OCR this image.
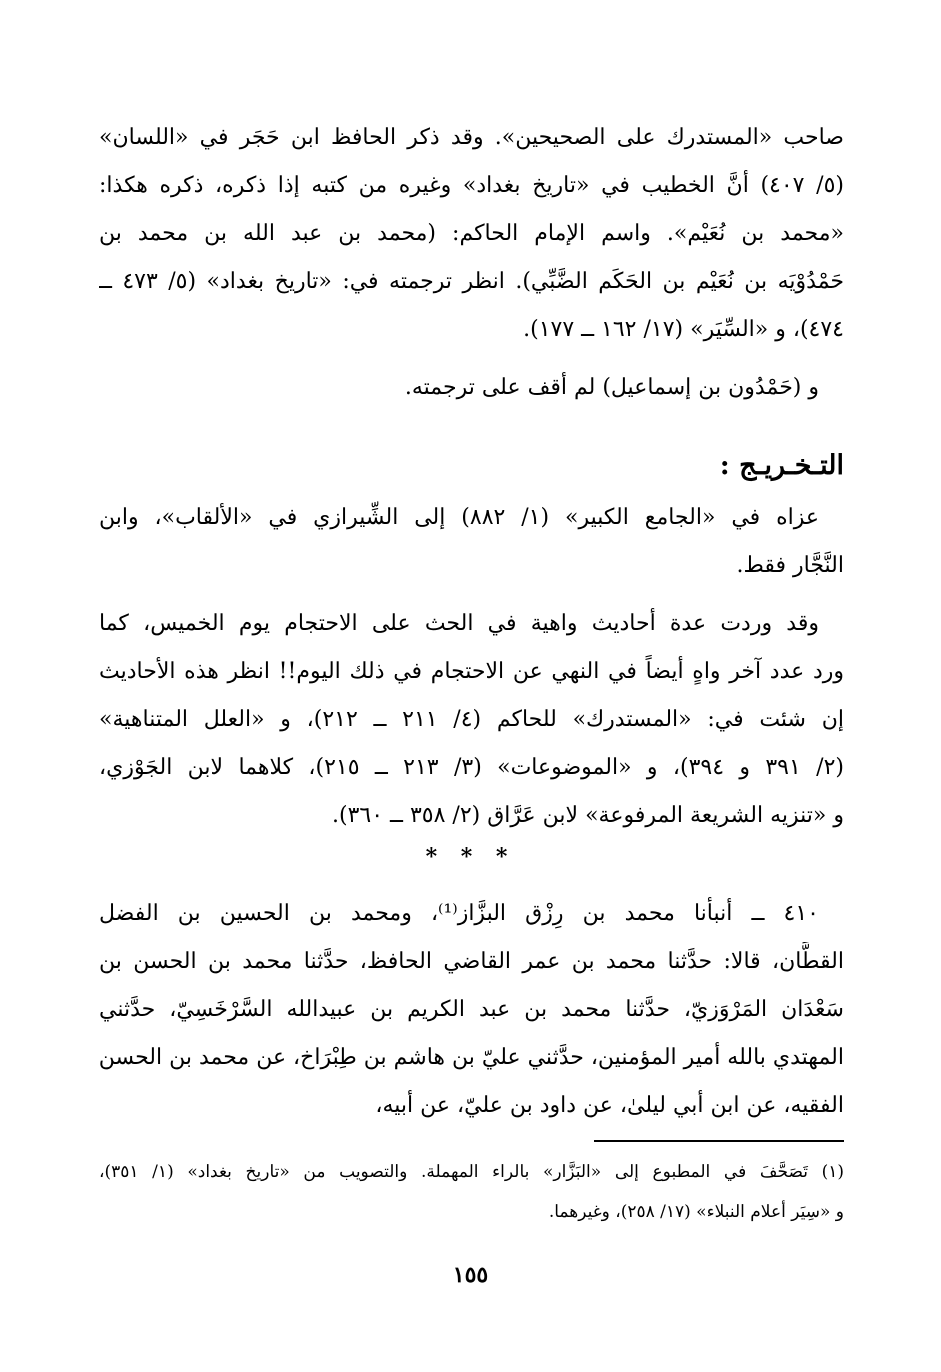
صاحب «المستدرك على الصحيحين». وقد ذكر الحافظ ابن حَجَر في «اللسان»
(٥/ ٤٠٧) أنَّ الخطيب في «تاريخ بغداد» وغيره من كتبه إذا ذكره، ذكره هكذا:
«محمد بن نُعَيْم». واسم الإمام الحاكم: (محمد بن عبد الله بن محمد بن
حَمْدُوْيَه بن نُعَيْم بن الحَكَم الضَّبِّي). انظر ترجمته في: «تاريخ بغداد» (٥/ ٤٧٣ ــ
٤٧٤)، و «السِّيَر» (١٧/ ١٦٢ ــ ١٧٧).
و (حَمْدُون بن إسماعيل) لم أقف على ترجمته.
التـخـريـج :
عزاه في «الجامع الكبير» (١/ ٨٨٢) إلى الشِّيرازي في «الألقاب»، وابن
النَّجَّار فقط.
وقد وردت عدة أحاديث واهية في الحث على الاحتجام يوم الخميس، كما
ورد عدد آخر واهٍ أيضاً في النهي عن الاحتجام في ذلك اليوم!! انظر هذه الأحاديث
إن شئت في: «المستدرك» للحاكم (٤/ ٢١١ ــ ٢١٢)، و «العلل المتناهية»
(٢/ ٣٩١ و ٣٩٤)، و «الموضوعات» (٣/ ٢١٣ ــ ٢١٥)، كلاهما لابن الجَوْزي،
و «تنزيه الشريعة المرفوعة» لابن عَرَّاق (٢/ ٣٥٨ ــ ٣٦٠).
* * *
٤١٠ ــ أنبأنا محمد بن رِزْق البزَّاز⁽¹⁾، ومحمد بن الحسين بن الفضل
القطَّان، قالا: حدَّثنا محمد بن عمر القاضي الحافظ، حدَّثنا محمد بن الحسن بن
سَعْدَان المَرْوَزيّ، حدَّثنا محمد بن عبد الكريم بن عبيدالله السَّرْخَسِيّ، حدَّثني
المهتدي بالله أمير المؤمنين، حدَّثني عليّ بن هاشم بن طِبْرَاخ، عن محمد بن الحسن
الفقيه، عن ابن أبي ليلىٰ، عن داود بن عليّ، عن أبيه،
(١) تَصَحَّفَ في المطبوع إلى «البَزَّار» بالراء المهملة. والتصويب من «تاريخ بغداد» (١/ ٣٥١)،
و «سِيَر أعلام النبلاء» (١٧/ ٢٥٨)، وغيرهما.
١٥٥
